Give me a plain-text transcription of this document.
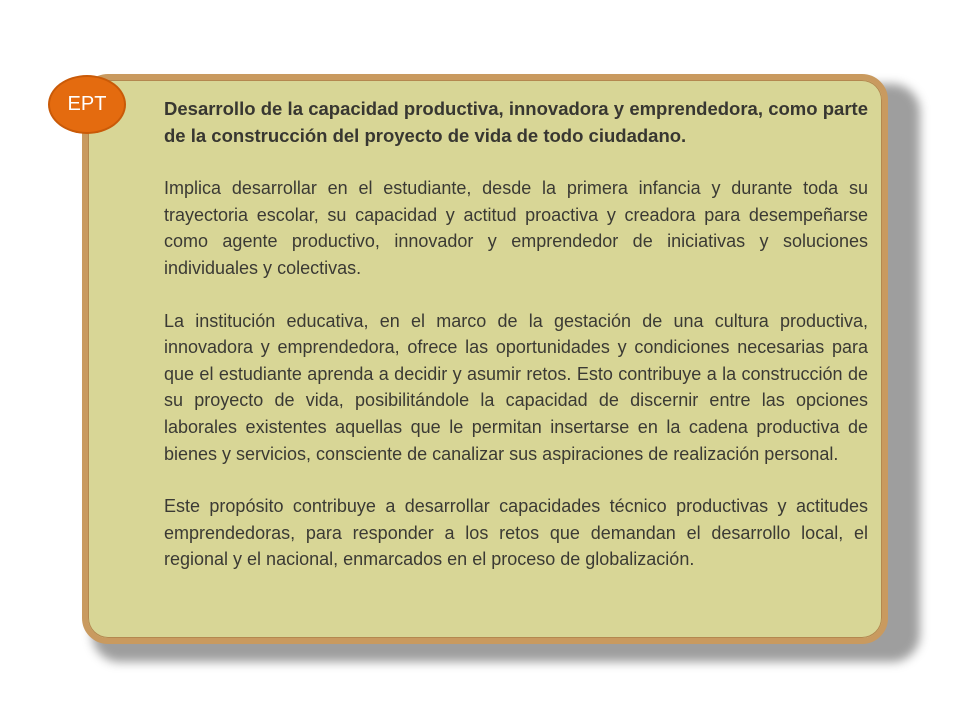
Desarrollo de la capacidad productiva, innovadora y emprendedora, como parte de la construcción del proyecto de vida de todo ciudadano.

Implica desarrollar en el estudiante, desde la primera infancia y durante toda su trayectoria escolar, su capacidad y actitud proactiva y creadora para desempeñarse como agente productivo, innovador y emprendedor de iniciativas y soluciones individuales y colectivas.

La institución educativa, en el marco de la gestación de una cultura productiva, innovadora y emprendedora, ofrece las oportunidades y condiciones necesarias para que el estudiante aprenda a decidir y asumir retos. Esto contribuye a la construcción de su proyecto de vida, posibilitándole la capacidad de discernir entre las opciones laborales existentes aquellas que le permitan insertarse en la cadena productiva de bienes y servicios, consciente de canalizar sus aspiraciones de realización personal.

Este propósito contribuye a desarrollar capacidades técnico productivas y actitudes emprendedoras, para responder a los retos que demandan el desarrollo local, el regional y el nacional, enmarcados en el proceso de globalización.

EPT
